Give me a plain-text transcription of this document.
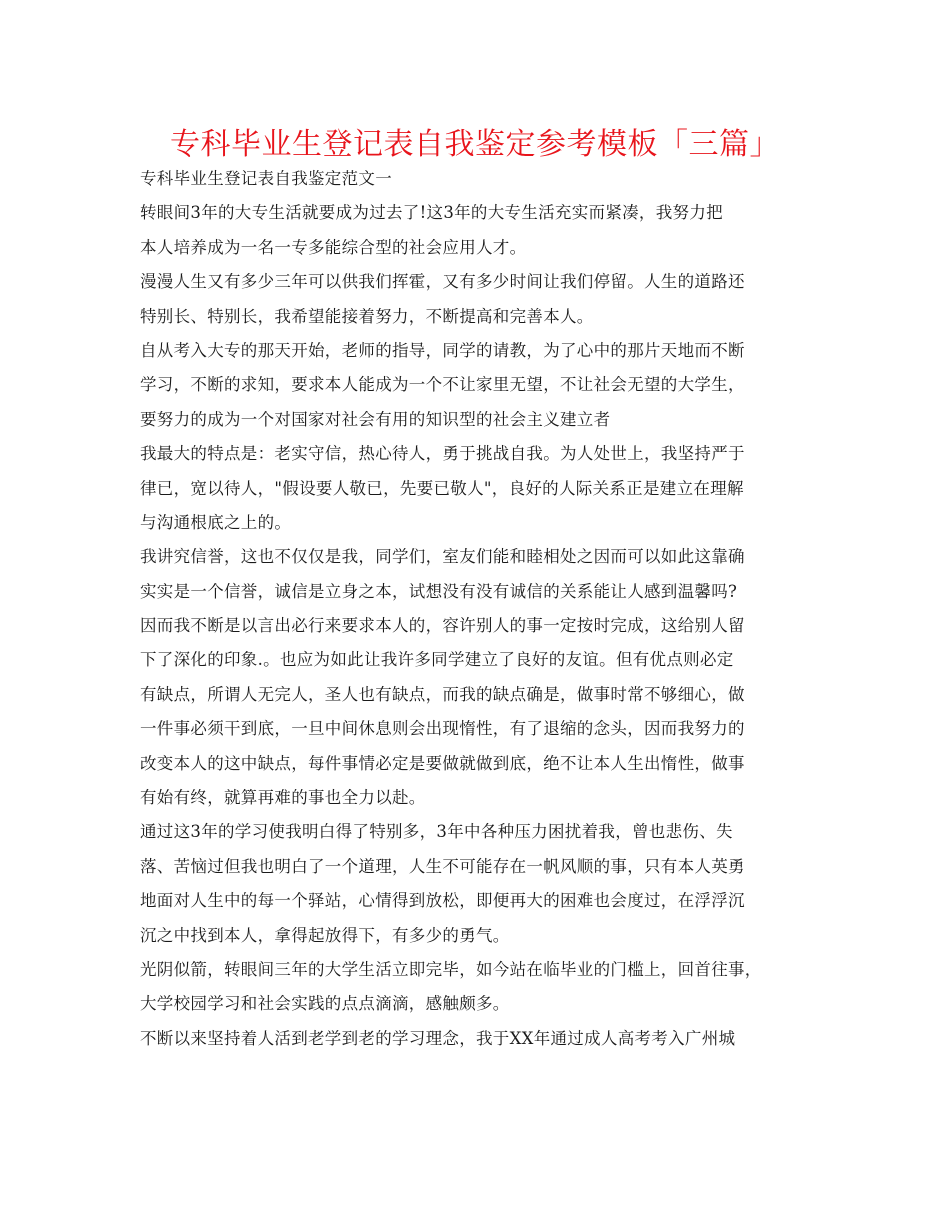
专科毕业生登记表自我鉴定参考模板「三篇」
专科毕业生登记表自我鉴定范文一
转眼间3年的大专生活就要成为过去了!这3年的大专生活充实而紧凑，我努力把
本人培养成为一名一专多能综合型的社会应用人才。
漫漫人生又有多少三年可以供我们挥霍，又有多少时间让我们停留。人生的道路还
特别长、特别长，我希望能接着努力，不断提高和完善本人。
自从考入大专的那天开始，老师的指导，同学的请教，为了心中的那片天地而不断
学习，不断的求知，要求本人能成为一个不让家里无望，不让社会无望的大学生，
要努力的成为一个对国家对社会有用的知识型的社会主义建立者
我最大的特点是：老实守信，热心待人，勇于挑战自我。为人处世上，我坚持严于
律已，宽以待人，"假设要人敬已，先要已敬人"，良好的人际关系正是建立在理解
与沟通根底之上的。
我讲究信誉，这也不仅仅是我，同学们，室友们能和睦相处之因而可以如此这靠确
实实是一个信誉，诚信是立身之本，试想没有没有诚信的关系能让人感到温馨吗?
因而我不断是以言出必行来要求本人的，容许别人的事一定按时完成，这给别人留
下了深化的印象.。也应为如此让我许多同学建立了良好的友谊。但有优点则必定
有缺点，所谓人无完人，圣人也有缺点，而我的缺点确是，做事时常不够细心，做
一件事必须干到底，一旦中间休息则会出现惰性，有了退缩的念头，因而我努力的
改变本人的这中缺点，每件事情必定是要做就做到底，绝不让本人生出惰性，做事
有始有终，就算再难的事也全力以赴。
通过这3年的学习使我明白得了特别多，3年中各种压力困扰着我，曾也悲伤、失
落、苦恼过但我也明白了一个道理，人生不可能存在一帆风顺的事，只有本人英勇
地面对人生中的每一个驿站，心情得到放松，即便再大的困难也会度过，在浮浮沉
沉之中找到本人，拿得起放得下，有多少的勇气。
光阴似箭，转眼间三年的大学生活立即完毕，如今站在临毕业的门槛上，回首往事，
大学校园学习和社会实践的点点滴滴，感触颇多。
不断以来坚持着人活到老学到老的学习理念，我于XX年通过成人高考考入广州城
